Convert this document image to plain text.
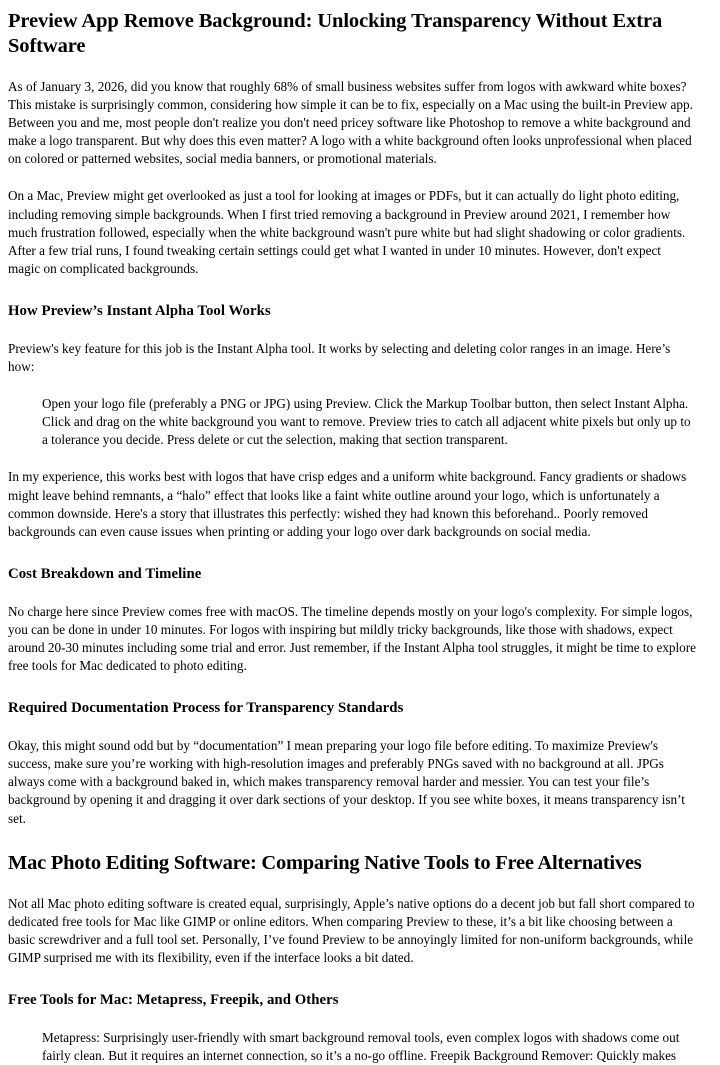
Preview App Remove Background: Unlocking Transparency Without Extra Software

As of January 3, 2026, did you know that roughly 68% of small business websites suffer from logos with awkward white boxes? This mistake is surprisingly common, considering how simple it can be to fix, especially on a Mac using the built-in Preview app. Between you and me, most people don't realize you don't need pricey software like Photoshop to remove a white background and make a logo transparent. But why does this even matter? A logo with a white background often looks unprofessional when placed on colored or patterned websites, social media banners, or promotional materials.

On a Mac, Preview might get overlooked as just a tool for looking at images or PDFs, but it can actually do light photo editing, including removing simple backgrounds. When I first tried removing a background in Preview around 2021, I remember how much frustration followed, especially when the white background wasn't pure white but had slight shadowing or color gradients. After a few trial runs, I found tweaking certain settings could get what I wanted in under 10 minutes. However, don't expect magic on complicated backgrounds.

How Preview’s Instant Alpha Tool Works

Preview's key feature for this job is the Instant Alpha tool. It works by selecting and deleting color ranges in an image. Here’s how:

Open your logo file (preferably a PNG or JPG) using Preview. Click the Markup Toolbar button, then select Instant Alpha. Click and drag on the white background you want to remove. Preview tries to catch all adjacent white pixels but only up to a tolerance you decide. Press delete or cut the selection, making that section transparent.

In my experience, this works best with logos that have crisp edges and a uniform white background. Fancy gradients or shadows might leave behind remnants, a “halo” effect that looks like a faint white outline around your logo, which is unfortunately a common downside. Here's a story that illustrates this perfectly: wished they had known this beforehand.. Poorly removed backgrounds can even cause issues when printing or adding your logo over dark backgrounds on social media.

Cost Breakdown and Timeline

No charge here since Preview comes free with macOS. The timeline depends mostly on your logo's complexity. For simple logos, you can be done in under 10 minutes. For logos with inspiring but mildly tricky backgrounds, like those with shadows, expect around 20-30 minutes including some trial and error. Just remember, if the Instant Alpha tool struggles, it might be time to explore free tools for Mac dedicated to photo editing.

Required Documentation Process for Transparency Standards

Okay, this might sound odd but by “documentation” I mean preparing your logo file before editing. To maximize Preview's success, make sure you’re working with high-resolution images and preferably PNGs saved with no background at all. JPGs always come with a background baked in, which makes transparency removal harder and messier. You can test your file’s background by opening it and dragging it over dark sections of your desktop. If you see white boxes, it means transparency isn’t set.

Mac Photo Editing Software: Comparing Native Tools to Free Alternatives

Not all Mac photo editing software is created equal, surprisingly, Apple’s native options do a decent job but fall short compared to dedicated free tools for Mac like GIMP or online editors. When comparing Preview to these, it’s a bit like choosing between a basic screwdriver and a full tool set. Personally, I’ve found Preview to be annoyingly limited for non-uniform backgrounds, while GIMP surprised me with its flexibility, even if the interface looks a bit dated.

Free Tools for Mac: Metapress, Freepik, and Others
Metapress: Surprisingly user-friendly with smart background removal tools, even complex logos with shadows come out fairly clean. But it requires an internet connection, so it’s a no-go offline. Freepik Background Remover: Quickly makes
